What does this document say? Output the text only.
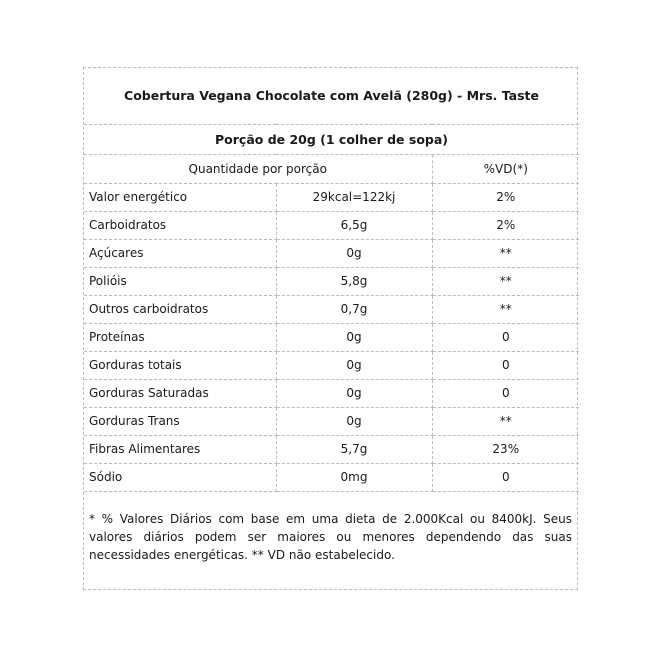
Cobertura Vegana Chocolate com Avelã (280g) - Mrs. Taste		
Porção de 20g (1 colher de sopa)		
Quantidade por porção		%VD(*)
Valor energético	29kcal=122kj	2%
Carboidratos	6,5g	2%
Açúcares	0g	**
Polióis	5,8g	**
Outros carboidratos	0,7g	**
Proteínas	0g	0
Gorduras totais	0g	0
Gorduras Saturadas	0g	0
Gorduras Trans	0g	**
Fibras Alimentares	5,7g	23%
Sódio	0mg	0
* % Valores Diários com base em uma dieta de 2.000Kcal ou 8400kJ. Seus valores diários podem ser maiores ou menores dependendo das suas necessidades energéticas. ** VD não estabelecido.
